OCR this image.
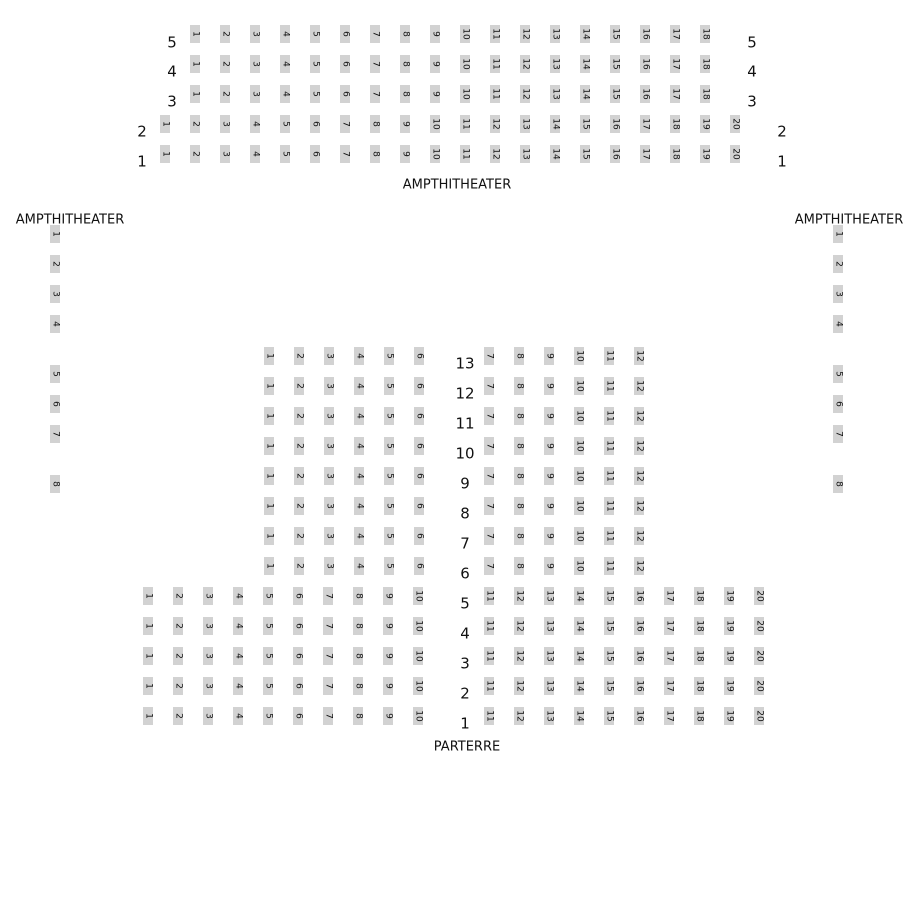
1 2 3 4 5 6 7 8 9 10 11 12 13 14 15 16 17 18
5	5
1 2 3 4 5 6 7 8 9 10 11 12 13 14 15 16 17 18
4	4
1 2 3 4 5 6 7 8 9 10 11 12 13 14 15 16 17 18
3	3
1 2 3 4 5 6 7 8 9 10 11 12 13 14 15 16 17 18 19 20
2	2
1 2 3 4 5 6 7 8 9 10 11 12 13 14 15 16 17 18 19 20
1	1
AMPTHITHEATER
1
2
3
4
5
6
7
8
AMPTHITHEATER
1
2
3
4
5
6
7
8
AMPTHITHEATER
1 2 3 4 5 6	7 8 9 10 11 12
13
1 2 3 4 5 6	7 8 9 10 11 12
12
1 2 3 4 5 6	7 8 9 10 11 12
11
1 2 3 4 5 6	7 8 9 10 11 12
10
1 2 3 4 5 6	7 8 9 10 11 12
9
1 2 3 4 5 6	7 8 9 10 11 12
8
1 2 3 4 5 6	7 8 9 10 11 12
7
1 2 3 4 5 6	7 8 9 10 11 12
6
1 2 3 4 5 6 7 8 9 10	11 12 13 14 15 16 17 18 19 20
5
1 2 3 4 5 6 7 8 9 10	11 12 13 14 15 16 17 18 19 20
4
1 2 3 4 5 6 7 8 9 10	11 12 13 14 15 16 17 18 19 20
3
1 2 3 4 5 6 7 8 9 10	11 12 13 14 15 16 17 18 19 20
2
1 2 3 4 5 6 7 8 9 10	11 12 13 14 15 16 17 18 19 20
1
PARTERRE
